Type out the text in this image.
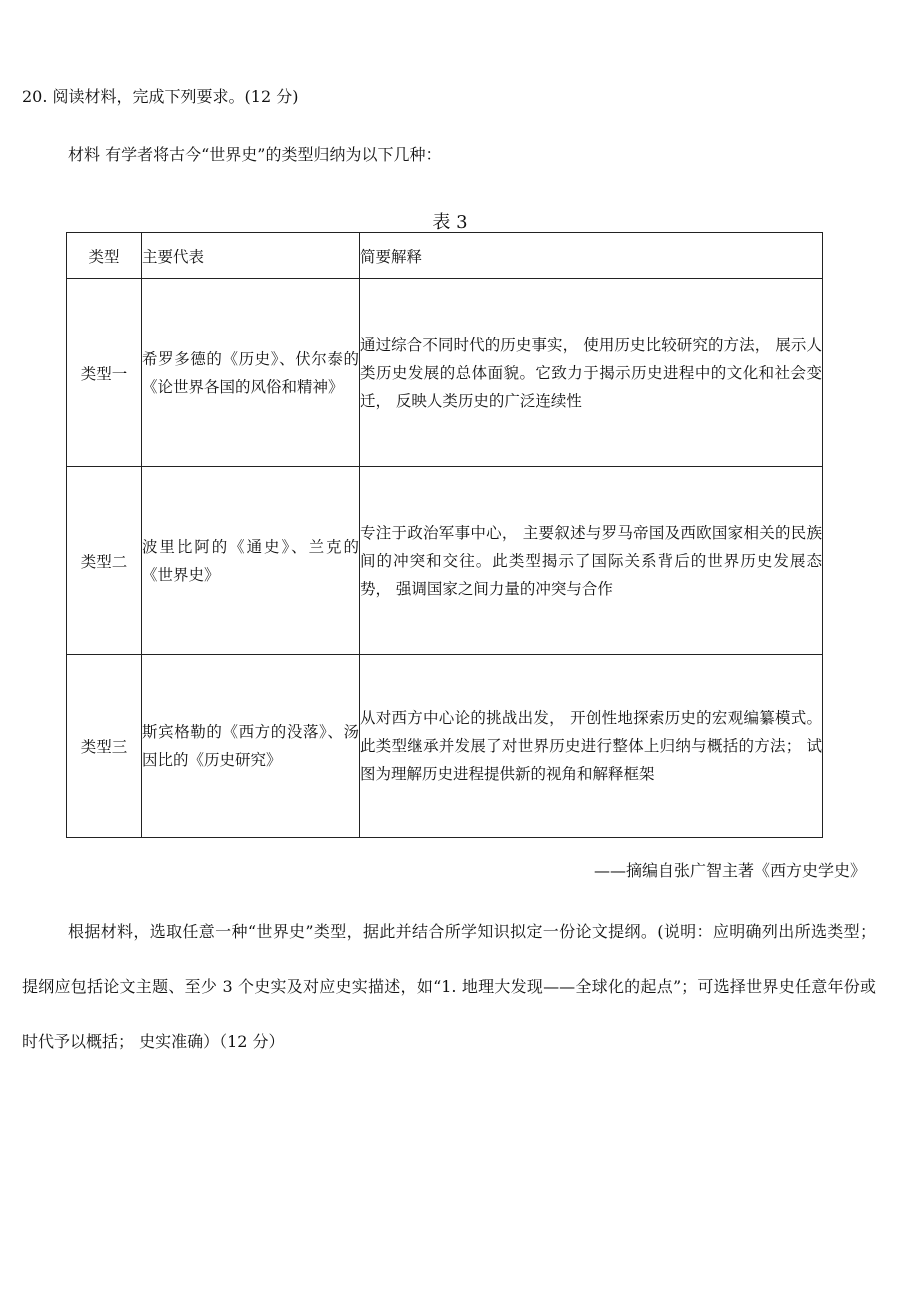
20. 阅读材料，完成下列要求。(12 分)
材料 有学者将古今“世界史”的类型归纳为以下几种：
表 3
类型	主要代表	简要解释
类型一	希罗多德的《历史》、伏尔泰的《论世界各国的风俗和精神》	通过综合不同时代的历史事实， 使用历史比较研究的方法， 展示人类历史发展的总体面貌。它致力于揭示历史进程中的文化和社会变迁， 反映人类历史的广泛连续性

类型二	波里比阿的《通史》、兰克的《世界史》	专注于政治军事中心， 主要叙述与罗马帝国及西欧国家相关的民族间的冲突和交往。此类型揭示了国际关系背后的世界历史发展态势， 强调国家之间力量的冲突与合作

类型三	斯宾格勒的《西方的没落》、汤因比的《历史研究》	从对西方中心论的挑战出发， 开创性地探索历史的宏观编纂模式。此类型继承并发展了对世界历史进行整体上归纳与概括的方法； 试图为理解历史进程提供新的视角和解释框架
——摘编自张广智主著《西方史学史》
根据材料，选取任意一种“世界史”类型，据此并结合所学知识拟定一份论文提纲。(说明：应明确列出所选类型； 提纲应包括论文主题、至少 3 个史实及对应史实描述，如“1. 地理大发现——全球化的起点”；可选择世界史任意年份或时代予以概括； 史实准确）（12 分）
